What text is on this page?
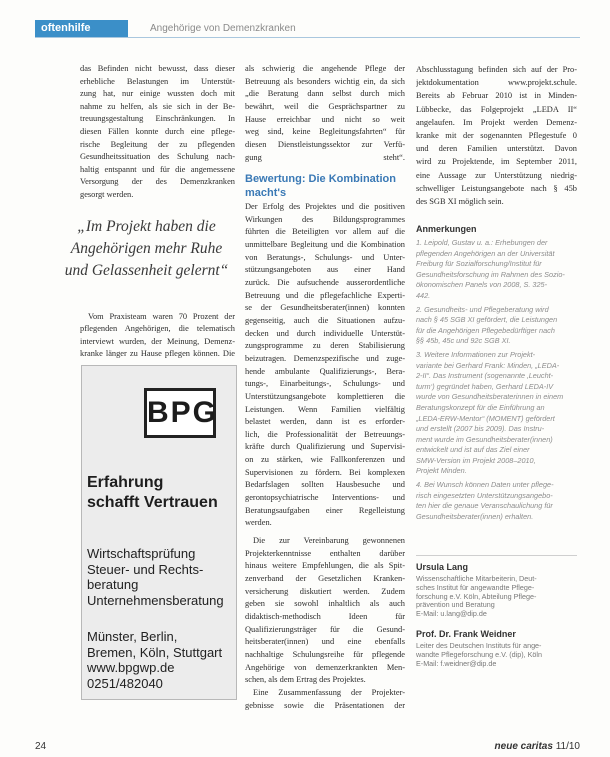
oftenhilfe	Angehörige von Demenzkranken
das Befinden nicht bewusst, dass dieser
erhebliche Belastungen im Unterstüt-
zung hat, nur einige wussten doch mit
nahme zu helfen, als sie sich in der Be-
treuungsgestaltung Einschränkungen. In
diesen Fällen konnte durch eine pflege-
rische Begleitung der zu pflegenden
Gesundheitssituation des Schulung nach-
haltig entspannt und für die angemessene
Versorgung der des Demenzkranken
gesorgt werden.
„Im Projekt haben die
Angehörigen mehr Ruhe
und Gelassenheit gelernt“
Vom Praxisteam waren 70 Prozent der
pflegenden Angehörigen, die telematisch
interviewt wurden, der Meinung, Demenz-
kranke länger zu Hause pflegen können. Die
BPG
Erfahrung
schafft Vertrauen
Wirtschaftsprüfung
Steuer- und Rechts-
beratung
Unternehmensberatung
Münster, Berlin,
Bremen, Köln, Stuttgart
www.bpgwp.de
0251/482040
als schwierig die angehende Pflege der
Betreuung als besonders wichtig ein, da sich
„die Beratung dann selbst durch mich
bewährt, weil die Gesprächspartner zu
Hause erreichbar und nicht so weit
weg sind, keine Begleitungsfahrten“ für
diesen Dienstleistungssektor zur Verfü-
gung steht“.
Bewertung: Die Kombination
macht's
Der Erfolg des Projektes und die positiven
Wirkungen des Bildungsprogrammes
führten die Beteiligten vor allem auf die
unmittelbare Begleitung und die Kombination
von Beratungs-, Schulungs- und Unter-
stützungsangeboten aus einer Hand
zurück. Die aufsuchende ausserordentliche
Betreuung und die pflegefachliche Experti-
se der Gesundheitsberater(innen) konnten
gegenseitig, auch die Situationen aufzu-
decken und durch individuelle Unterstüt-
zungsprogramme zu deren Stabilisierung
beizutragen. Demenzspezifische und zuge-
hende ambulante Qualifizierungs-, Bera-
tungs-, Einarbeitungs-, Schulungs- und
Unterstützungsangebote komplettieren die
Leistungen. Wenn Familien vielfältig
belastet werden, dann ist es erforder-
lich, die Professionalität der Betreuungs-
kräfte durch Qualifizierung und Supervisi-
on zu stärken, wie Fallkonferenzen und
Supervisionen zu fördern. Bei komplexen
Bedarfslagen sollten Hausbesuche und
gerontopsychiatrische Interventions- und
Beratungsaufgaben einer Regelleistung
werden.
Die zur Vereinbarung gewonnenen
Projekterkenntnisse enthalten darüber
hinaus weitere Empfehlungen, die als Spit-
zenverband der Gesetzlichen Kranken-
versicherung diskutiert werden. Zudem
geben sie sowohl inhaltlich als auch
didaktisch-methodisch Ideen für
Qualifizierungsträger für die Gesund-
heitsberater(innen) und eine ebenfalls
nachhaltige Schulungsreihe für pflegende
Angehörige von demenzerkrankten Men-
schen, als dem Ertrag des Projektes.
Eine Zusammenfassung der Projekter-
gebnisse sowie die Präsentationen der
Abschlusstagung befinden sich auf der Pro-
jektdokumentation www.projekt.schule.
Bereits ab Februar 2010 ist in Minden-
Lübbecke, das Folgeprojekt „LEDA II“
angelaufen. Im Projekt werden Demenz-
kranke mit der sogenannten Pflegestufe 0
und deren Familien unterstützt. Davon
wird zu Projektende, im September 2011,
eine Aussage zur Unterstützung niedrig-
schwelliger Leistungsangebote nach § 45b
des SGB XI möglich sein.
Anmerkungen
1. Leipold, Gustav u. a.: Erhebungen der
pflegenden Angehörigen an der Universität
Freiburg für Sozialforschung/Institut für
Gesundheitsforschung im Rahmen des Sozio-
ökonomischen Panels von 2008, S. 325-
442.
2. Gesundheits- und Pflegeberatung wird
nach § 45 SGB XI gefördert, die Leistungen
für die Angehörigen Pflegebedürftiger nach
§§ 45b, 45c und 92c SGB XI.
3. Weitere Informationen zur Projekt-
variante bei Gerhard Frank: Minden, „LEDA-
2-II“. Das Instrument (sogenannte ‚Leucht-
turm‘) gegründet haben, Gerhard LEDA-IV
wurde von Gesundheitsberaterinnen in einem
Beratungskonzept für die Einführung an
„LEDA-ERW-Mentor“ (MOMENT) gefördert
und erstellt (2007 bis 2009). Das Instru-
ment wurde im Gesundheitsberater(innen)
entwickelt und ist auf das Ziel einer
SMW-Version im Projekt 2008–2010,
Projekt Minden.
4. Bei Wunsch können Daten unter pflege-
risch eingesetzten Unterstützungsangebo-
ten hier die genaue Veranschaulichung für
Gesundheitsberater(innen) erhalten.
Ursula Lang
Wissenschaftliche Mitarbeiterin, Deut-
sches Institut für angewandte Pflege-
forschung e.V. Köln, Abteilung Pflege-
prävention und Beratung
E-Mail: u.lang@dip.de
Prof. Dr. Frank Weidner
Leiter des Deutschen Instituts für ange-
wandte Pflegeforschung e.V. (dip), Köln
E-Mail: f.weidner@dip.de
24	neue caritas 11/10
